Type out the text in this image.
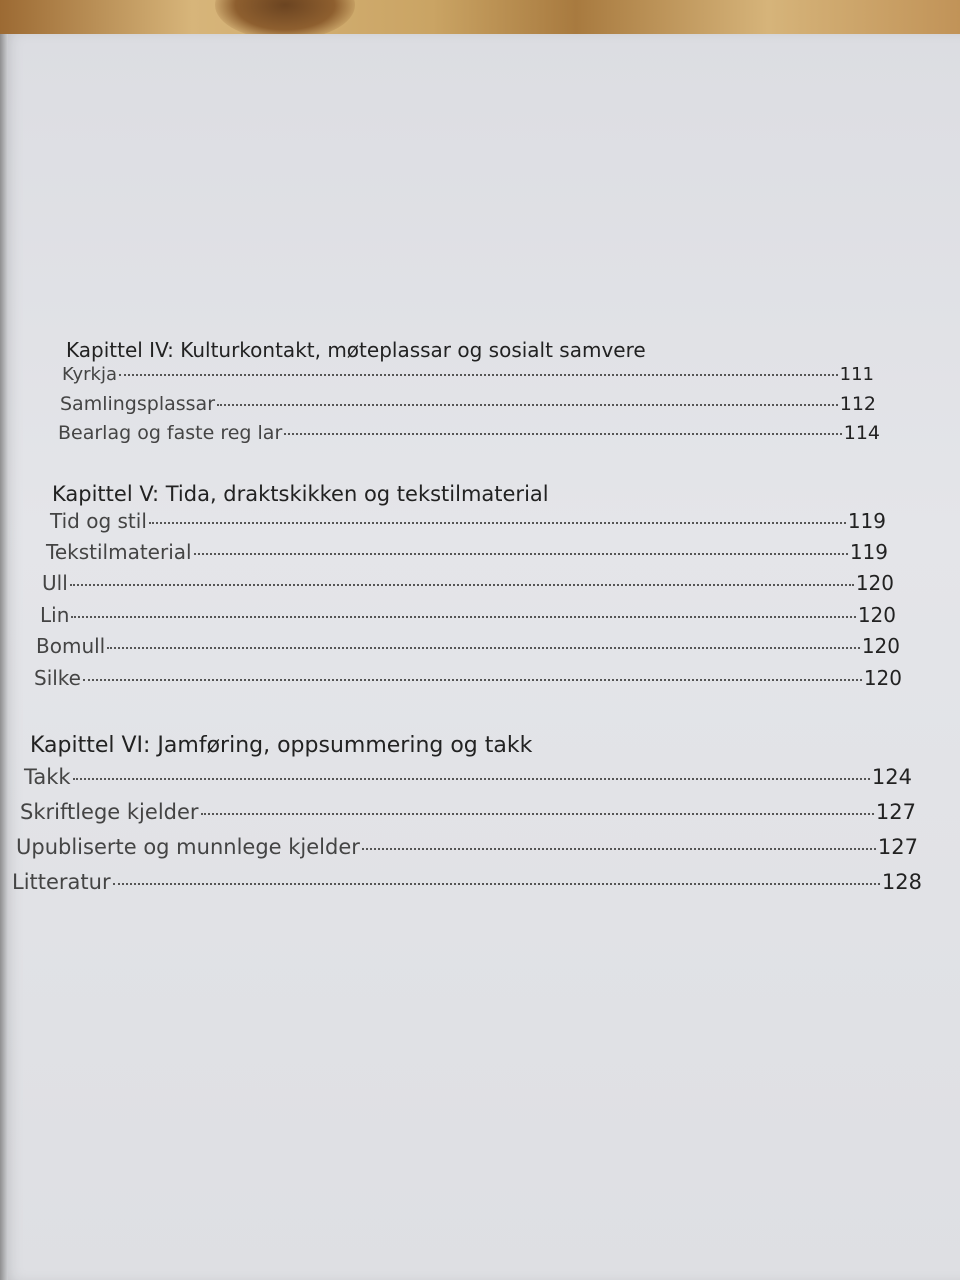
Kapittel IV: Kulturkontakt, møteplassar og sosialt samvere
Kyrkja	111
Samlingsplassar	112
Bearlag og faste reg lar	114
Kapittel V: Tida, draktskikken og tekstilmaterial
Tid og stil	119
Tekstilmaterial	119
Ull	120
Lin	120
Bomull	120
Silke	120
Kapittel VI: Jamføring, oppsummering og takk
Takk	124
Skriftlege kjelder	127
Upubliserte og munnlege kjelder	127
Litteratur	128
